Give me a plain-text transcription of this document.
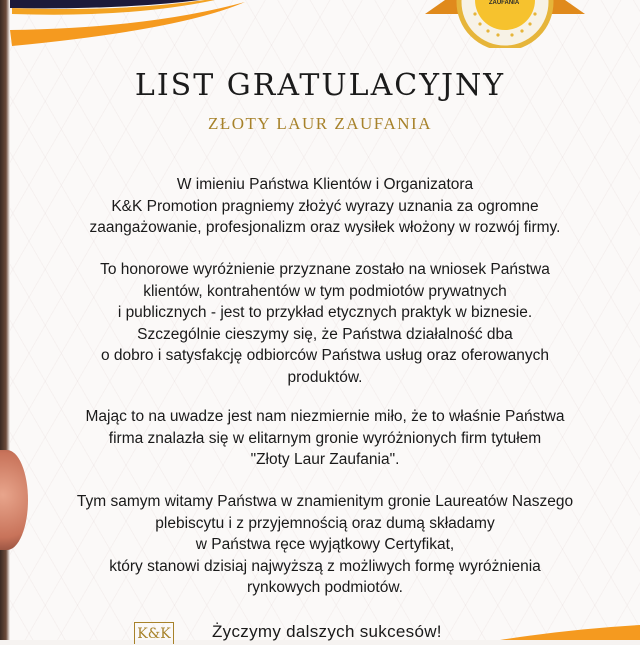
ZAUFANIA
LIST GRATULACYJNY
ZŁOTY LAUR ZAUFANIA
W imieniu Państwa Klientów i Organizatora
K&K Promotion pragniemy złożyć wyrazy uznania za ogromne
zaangażowanie, profesjonalizm oraz wysiłek włożony w rozwój firmy.
To honorowe wyróżnienie przyznane zostało na wniosek Państwa
klientów, kontrahentów w tym podmiotów prywatnych
i publicznych - jest to przykład etycznych praktyk w biznesie.
Szczególnie cieszymy się, że Państwa działalność dba
o dobro i satysfakcję odbiorców Państwa usług oraz oferowanych
produktów.
Mając to na uwadze jest nam niezmiernie miło, że to właśnie Państwa
firma znalazła się w elitarnym gronie wyróżnionych firm tytułem
"Złoty Laur Zaufania".
Tym samym witamy Państwa w znamienitym gronie Laureatów Naszego
plebiscytu i z przyjemnością oraz dumą składamy
w Państwa ręce wyjątkowy Certyfikat,
który stanowi dzisiaj najwyższą z możliwych formę wyróżnienia
rynkowych podmiotów.
K&K Życzymy dalszych sukcesów!
